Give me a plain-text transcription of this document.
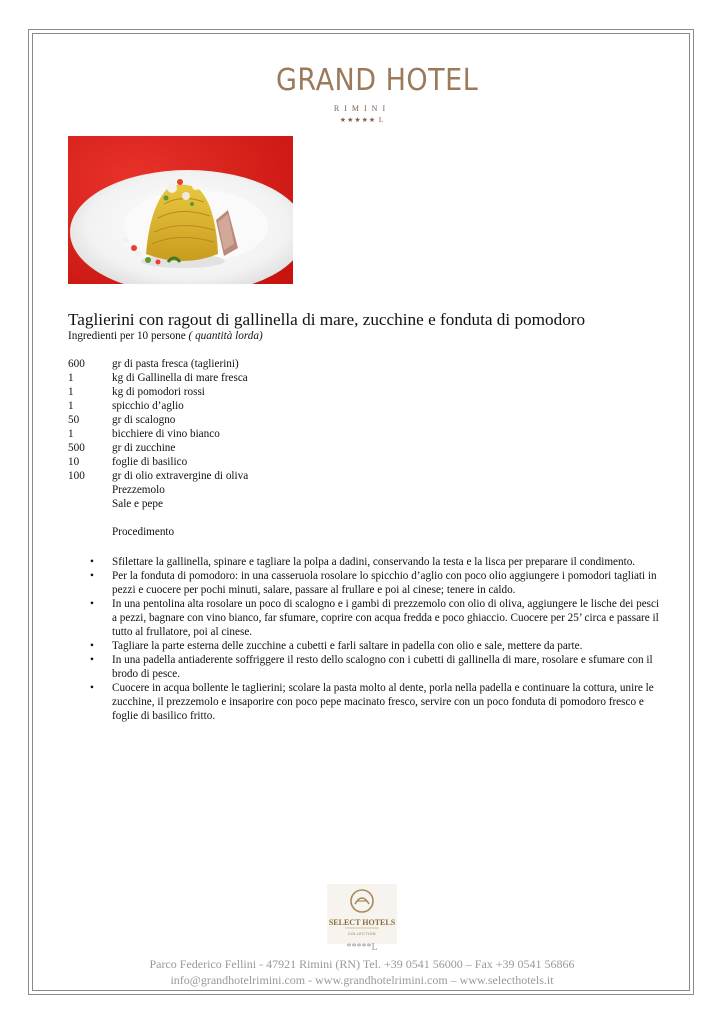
GRAND HOTEL
RIMINI
★★★★★ L
Taglierini con ragout di gallinella di mare, zucchine e fonduta di pomodoro
Ingredienti per 10 persone ( quantità lorda)
600	gr di pasta fresca (taglierini)
1	kg di Gallinella di mare fresca
1	kg di pomodori rossi
1	spicchio d’aglio
50	gr di scalogno
1	bicchiere di vino bianco
500	gr di zucchine
10	foglie di basilico
100	gr di olio extravergine di oliva
Prezzemolo
Sale e pepe
Procedimento
• Sfilettare la gallinella, spinare e tagliare la polpa a dadini, conservando la testa e la lisca per preparare il condimento.
• Per la fonduta di pomodoro: in una casseruola rosolare lo spicchio d’aglio con poco olio aggiungere i pomodori tagliati in pezzi e cuocere per pochi minuti, salare, passare al frullare e poi al cinese; tenere in caldo.
• In una pentolina alta rosolare un poco di scalogno e i gambi di prezzemolo con olio di oliva, aggiungere le lische dei pesci a pezzi, bagnare con vino bianco, far sfumare, coprire con acqua fredda e poco ghiaccio. Cuocere per 25’ circa e passare il tutto al frullatore, poi al cinese.
• Tagliare la parte esterna delle zucchine a cubetti e farli saltare in padella con olio e sale, mettere da parte.
• In una padella antiaderente soffriggere il resto dello scalogno con i cubetti di gallinella di mare, rosolare e sfumare con il brodo di pesce.
• Cuocere in acqua bollente le taglierini; scolare la pasta molto al dente, porla nella padella e continuare la cottura, unire le zucchine, il prezzemolo e insaporire con poco pepe macinato fresco, servire con un poco fonduta di pomodoro fresco e foglie di basilico fritto.
SELECT HOTELS
COLLECTION
*****L
Parco Federico Fellini - 47921 Rimini (RN) Tel. +39 0541 56000 – Fax +39 0541 56866
info@grandhotelrimini.com - www.grandhotelrimini.com – www.selecthotels.it
